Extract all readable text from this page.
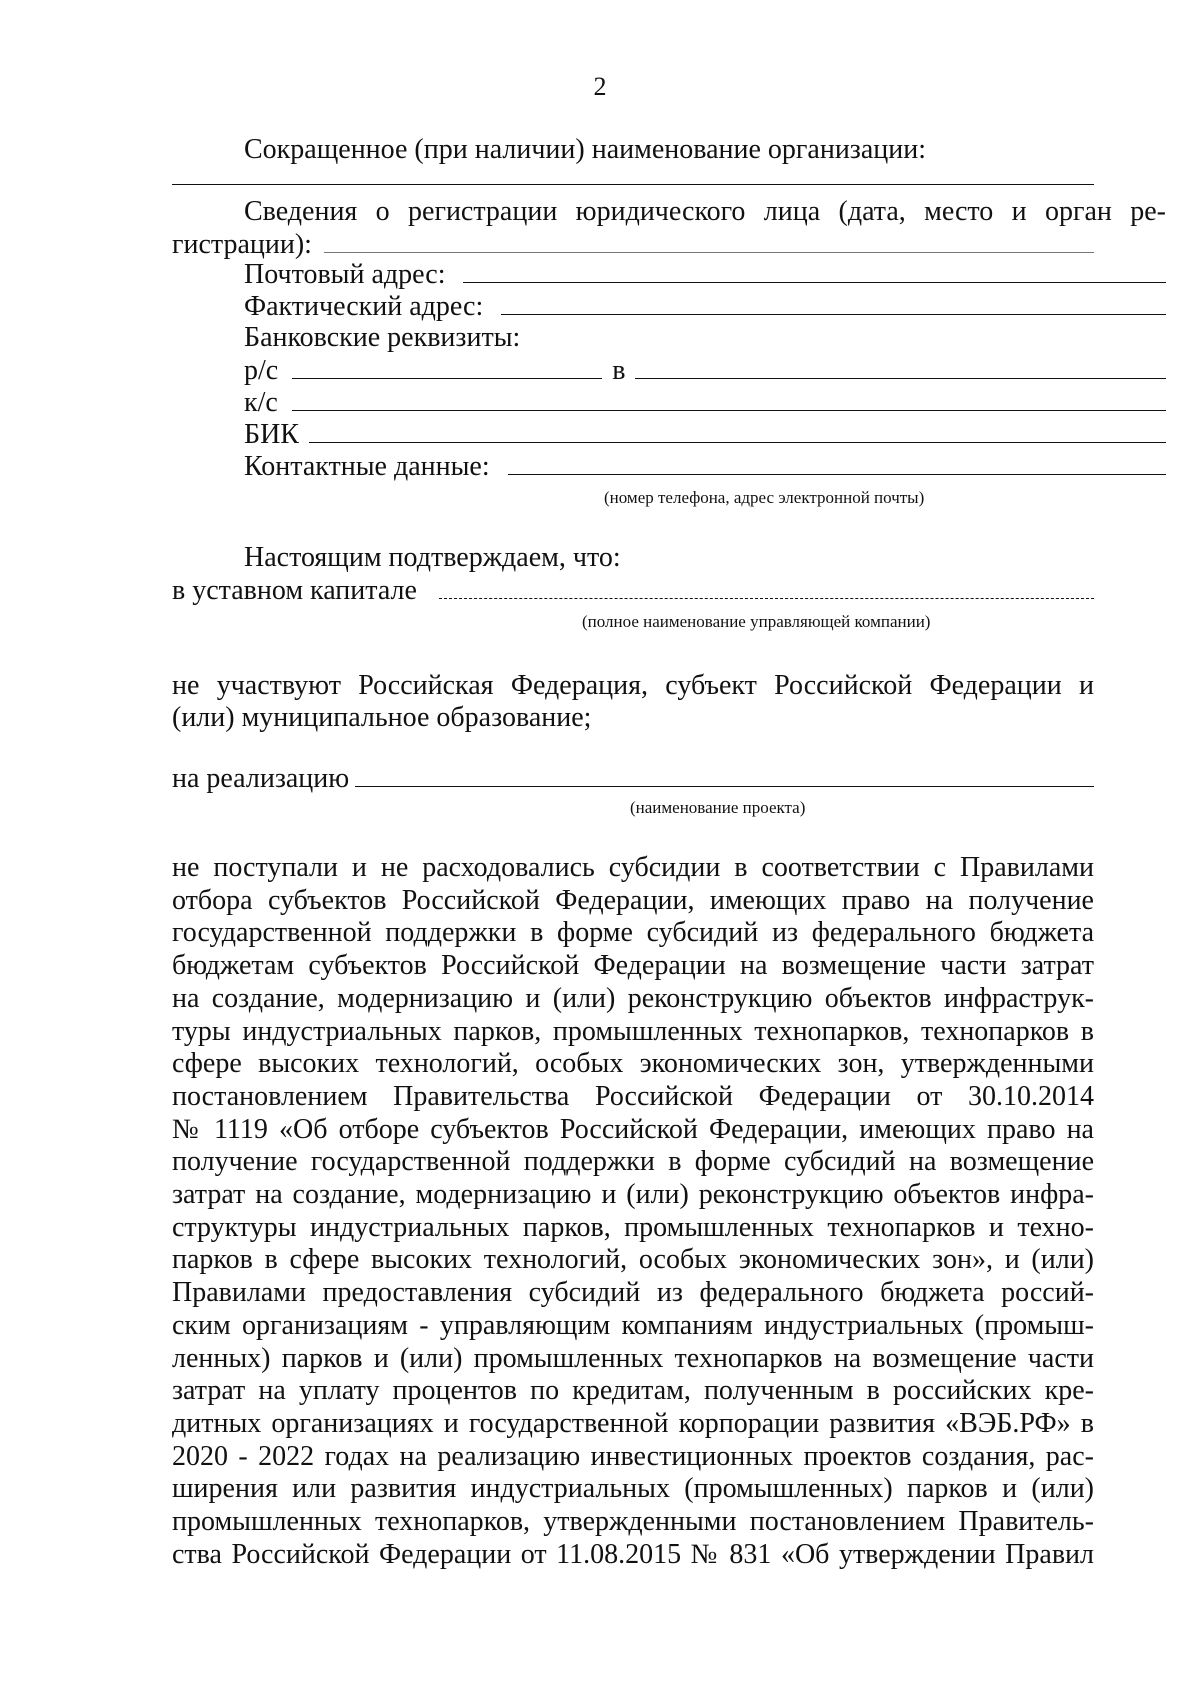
2
Сокращенное (при наличии) наименование организации:
Сведения о регистрации юридического лица (дата, место и орган ре-
гистрации):
Почтовый адрес:
Фактический адрес:
Банковские реквизиты:
р/с	в
к/с
БИК
Контактные данные:
(номер телефона, адрес электронной почты)
Настоящим подтверждаем, что:
в уставном капитале
(полное наименование управляющей компании)
не участвуют Российская Федерация, субъект Российской Федерации и
(или) муниципальное образование;
на реализацию
(наименование проекта)
не поступали и не расходовались субсидии в соответствии с Правилами
отбора субъектов Российской Федерации, имеющих право на получение
государственной поддержки в форме субсидий из федерального бюджета
бюджетам субъектов Российской Федерации на возмещение части затрат
на создание, модернизацию и (или) реконструкцию объектов инфраструк-
туры индустриальных парков, промышленных технопарков, технопарков в
сфере высоких технологий, особых экономических зон, утвержденными
постановлением Правительства Российской Федерации от 30.10.2014
№ 1119 «Об отборе субъектов Российской Федерации, имеющих право на
получение государственной поддержки в форме субсидий на возмещение
затрат на создание, модернизацию и (или) реконструкцию объектов инфра-
структуры индустриальных парков, промышленных технопарков и техно-
парков в сфере высоких технологий, особых экономических зон», и (или)
Правилами предоставления субсидий из федерального бюджета россий-
ским организациям - управляющим компаниям индустриальных (промыш-
ленных) парков и (или) промышленных технопарков на возмещение части
затрат на уплату процентов по кредитам, полученным в российских кре-
дитных организациях и государственной корпорации развития «ВЭБ.РФ» в
2020 - 2022 годах на реализацию инвестиционных проектов создания, рас-
ширения или развития индустриальных (промышленных) парков и (или)
промышленных технопарков, утвержденными постановлением Правитель-
ства Российской Федерации от 11.08.2015 № 831 «Об утверждении Правил
